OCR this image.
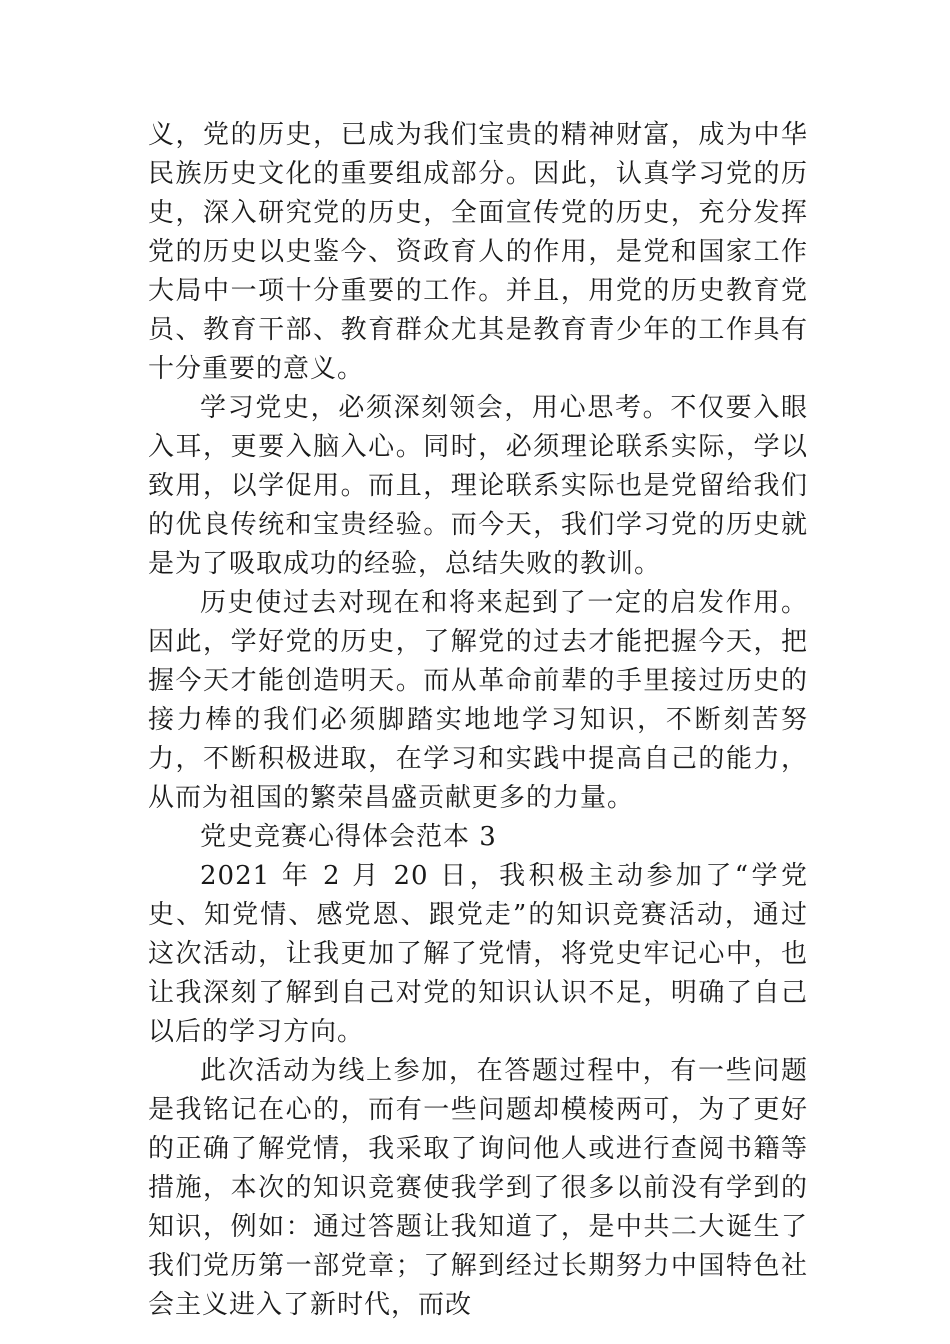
义，党的历史，已成为我们宝贵的精神财富，成为中华民族历史文化的重要组成部分。因此，认真学习党的历史，深入研究党的历史，全面宣传党的历史，充分发挥党的历史以史鉴今、资政育人的作用，是党和国家工作大局中一项十分重要的工作。并且，用党的历史教育党员、教育干部、教育群众尤其是教育青少年的工作具有十分重要的意义。

学习党史，必须深刻领会，用心思考。不仅要入眼入耳，更要入脑入心。同时，必须理论联系实际，学以致用，以学促用。而且，理论联系实际也是党留给我们的优良传统和宝贵经验。而今天，我们学习党的历史就是为了吸取成功的经验，总结失败的教训。

历史使过去对现在和将来起到了一定的启发作用。因此，学好党的历史，了解党的过去才能把握今天，把握今天才能创造明天。而从革命前辈的手里接过历史的接力棒的我们必须脚踏实地地学习知识，不断刻苦努力，不断积极进取，在学习和实践中提高自己的能力，从而为祖国的繁荣昌盛贡献更多的力量。

党史竞赛心得体会范本 3

2021 年 2 月 20 日，我积极主动参加了“学党史、知党情、感党恩、跟党走”的知识竞赛活动，通过这次活动，让我更加了解了党情，将党史牢记心中，也让我深刻了解到自己对党的知识认识不足，明确了自己以后的学习方向。

此次活动为线上参加，在答题过程中，有一些问题是我铭记在心的，而有一些问题却模棱两可，为了更好的正确了解党情，我采取了询问他人或进行查阅书籍等措施，本次的知识竞赛使我学到了很多以前没有学到的知识，例如：通过答题让我知道了，是中共二大诞生了我们党历第一部党章；了解到经过长期努力中国特色社会主义进入了新时代，而改
